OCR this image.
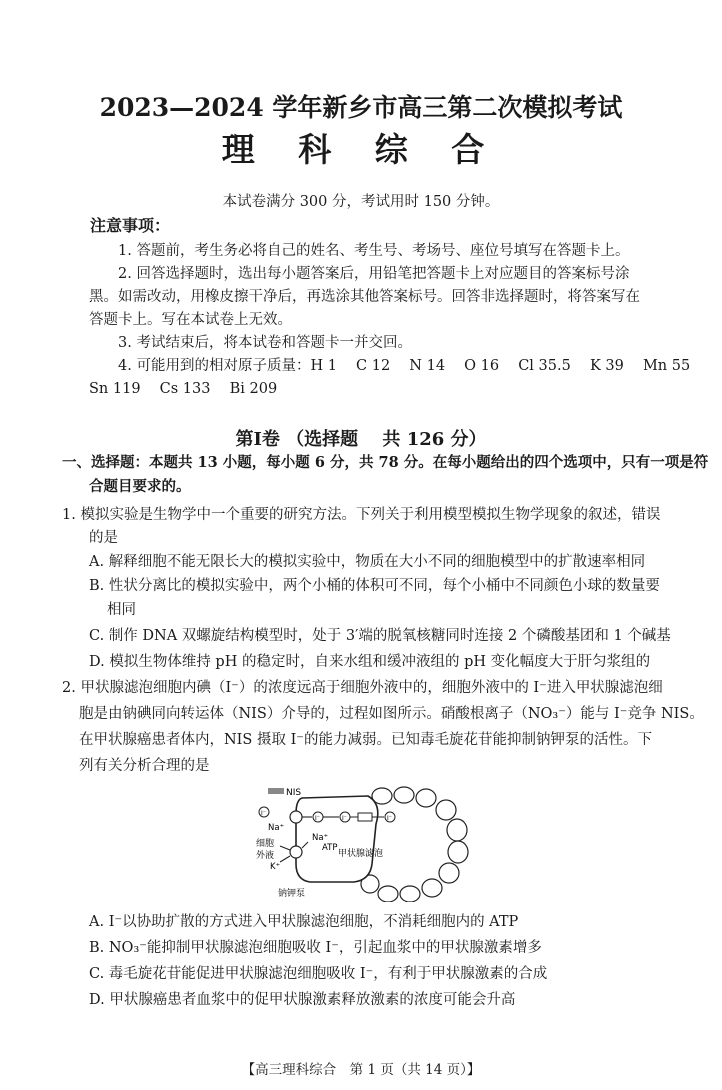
2023—2024 学年新乡市高三第二次模拟考试
理 科 综 合
本试卷满分 300 分，考试用时 150 分钟。
注意事项：
1. 答题前，考生务必将自己的姓名、考生号、考场号、座位号填写在答题卡上。
2. 回答选择题时，选出每小题答案后，用铅笔把答题卡上对应题目的答案标号涂
黑。如需改动，用橡皮擦干净后，再选涂其他答案标号。回答非选择题时，将答案写在
答题卡上。写在本试卷上无效。
3. 考试结束后，将本试卷和答题卡一并交回。
4. 可能用到的相对原子质量：H 1 　C 12 　N 14 　O 16 　Cl 35.5 　K 39 　Mn 55
Sn 119 　Cs 133 　Bi 209
第Ⅰ卷 （选择题 　共 126 分）
一、选择题：本题共 13 小题，每小题 6 分，共 78 分。在每小题给出的四个选项中，只有一项是符
合题目要求的。
1. 模拟实验是生物学中一个重要的研究方法。下列关于利用模型模拟生物学现象的叙述，错误
的是
A. 解释细胞不能无限长大的模拟实验中，物质在大小不同的细胞模型中的扩散速率相同
B. 性状分离比的模拟实验中，两个小桶的体积可不同，每个小桶中不同颜色小球的数量要
相同
C. 制作 DNA 双螺旋结构模型时，处于 3′端的脱氧核糖同时连接 2 个磷酸基团和 1 个碱基
D. 模拟生物体维持 pH 的稳定时，自来水组和缓冲液组的 pH 变化幅度大于肝匀浆组的
2. 甲状腺滤泡细胞内碘（I⁻）的浓度远高于细胞外液中的，细胞外液中的 I⁻进入甲状腺滤泡细
胞是由钠碘同向转运体（NIS）介导的，过程如图所示。硝酸根离子（NO₃⁻）能与 I⁻竞争 NIS。
在甲状腺癌患者体内，NIS 摄取 I⁻的能力减弱。已知毒毛旋花苷能抑制钠钾泵的活性。下
列有关分析合理的是
NIS
I⁻
I⁻	I⁻	I⁻
Na⁺
Na⁺
ATP
K⁺
细胞
外液	甲状腺滤泡
钠钾泵
A. I⁻以协助扩散的方式进入甲状腺滤泡细胞，不消耗细胞内的 ATP
B. NO₃⁻能抑制甲状腺滤泡细胞吸收 I⁻，引起血浆中的甲状腺激素增多
C. 毒毛旋花苷能促进甲状腺滤泡细胞吸收 I⁻，有利于甲状腺激素的合成
D. 甲状腺癌患者血浆中的促甲状腺激素释放激素的浓度可能会升高
【高三理科综合　第 1 页（共 14 页）】
